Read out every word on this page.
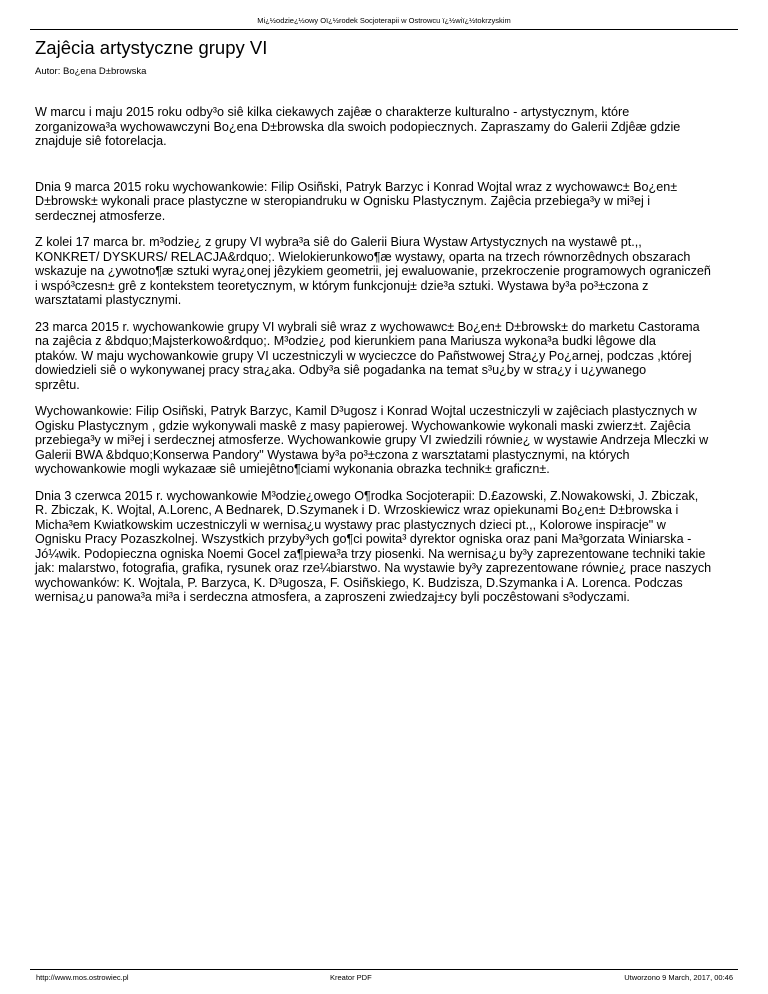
Mi¿½odzie¿½owy Oï¿½rodek Socjoterapii w Ostrowcu ï¿½wiï¿½tokrzyskim
Zajêcia artystyczne grupy VI

Autor: Bo¿ena D±browska

W marcu i maju 2015 roku odby³o siê kilka ciekawych zajêæ o charakterze kulturalno - artystycznym, które
zorganizowa³a wychowawczyni Bo¿ena D±browska dla swoich podopiecznych. Zapraszamy do Galerii Zdjêæ gdzie
znajduje siê fotorelacja.

Dnia 9 marca 2015 roku wychowankowie: Filip Osiñski, Patryk Barzyc i Konrad Wojtal wraz z wychowawc± Bo¿en±
D±browsk± wykonali prace plastyczne w steropiandruku w Ognisku Plastycznym. Zajêcia przebiega³y w mi³ej i
serdecznej atmosferze.

Z kolei 17 marca br. m³odzie¿ z grupy VI wybra³a siê do Galerii Biura Wystaw Artystycznych na wystawê pt.,,
KONKRET/ DYSKURS/ RELACJA&rdquo;. Wielokierunkowo¶æ wystawy, oparta na trzech równorzêdnych obszarach
wskazuje na ¿ywotno¶æ sztuki wyra¿onej jêzykiem geometrii, jej ewaluowanie, przekroczenie programowych ograniczeñ
i wspó³czesn± grê z kontekstem teoretycznym, w którym funkcjonuj± dzie³a sztuki. Wystawa by³a po³±czona z
warsztatami plastycznymi.

23 marca 2015 r. wychowankowie grupy VI wybrali siê wraz z wychowawc± Bo¿en± D±browsk± do marketu Castorama
na zajêcia z &bdquo;Majsterkowo&rdquo;. M³odzie¿ pod kierunkiem pana Mariusza wykona³a budki lêgowe dla
ptaków. W maju wychowankowie grupy VI uczestniczyli w wycieczce do Pañstwowej Stra¿y Po¿arnej, podczas ,której
dowiedzieli siê o wykonywanej pracy stra¿aka. Odby³a siê pogadanka na temat s³u¿by w stra¿y i u¿ywanego
sprzêtu.

Wychowankowie: Filip Osiñski, Patryk Barzyc, Kamil D³ugosz i Konrad Wojtal uczestniczyli w zajêciach plastycznych w
Ogisku Plastycznym , gdzie wykonywali maskê z masy papierowej. Wychowankowie wykonali maski zwierz±t. Zajêcia
przebiega³y w mi³ej i serdecznej atmosferze. Wychowankowie grupy VI zwiedzili równie¿ w wystawie Andrzeja Mleczki w
Galerii BWA &bdquo;Konserwa Pandory" Wystawa by³a po³±czona z warsztatami plastycznymi, na których
wychowankowie mogli wykazaæ siê umiejêtno¶ciami wykonania obrazka technik± graficzn±.

Dnia 3 czerwca 2015 r. wychowankowie M³odzie¿owego O¶rodka Socjoterapii: D.£azowski, Z.Nowakowski, J. Zbiczak,
R. Zbiczak, K. Wojtal, A.Lorenc, A Bednarek, D.Szymanek i D. Wrzoskiewicz wraz opiekunami Bo¿en± D±browska i
Micha³em Kwiatkowskim uczestniczyli w wernisa¿u wystawy prac plastycznych dzieci pt.,, Kolorowe inspiracje" w
Ognisku Pracy Pozaszkolnej. Wszystkich przyby³ych go¶ci powita³ dyrektor ogniska oraz pani Ma³gorzata Winiarska -
Jó¼wik. Podopieczna ogniska Noemi Gocel za¶piewa³a trzy piosenki. Na wernisa¿u by³y zaprezentowane techniki takie
jak: malarstwo, fotografia, grafika, rysunek oraz rze¼biarstwo. Na wystawie by³y zaprezentowane równie¿ prace naszych
wychowanków: K. Wojtala, P. Barzyca, K. D³ugosza, F. Osiñskiego, K. Budzisza, D.Szymanka i A. Lorenca. Podczas
wernisa¿u panowa³a mi³a i serdeczna atmosfera, a zaproszeni zwiedzaj±cy byli poczêstowani s³odyczami.

http://www.mos.ostrowiec.pl	Kreator PDF	Utworzono 9 March, 2017, 00:46
